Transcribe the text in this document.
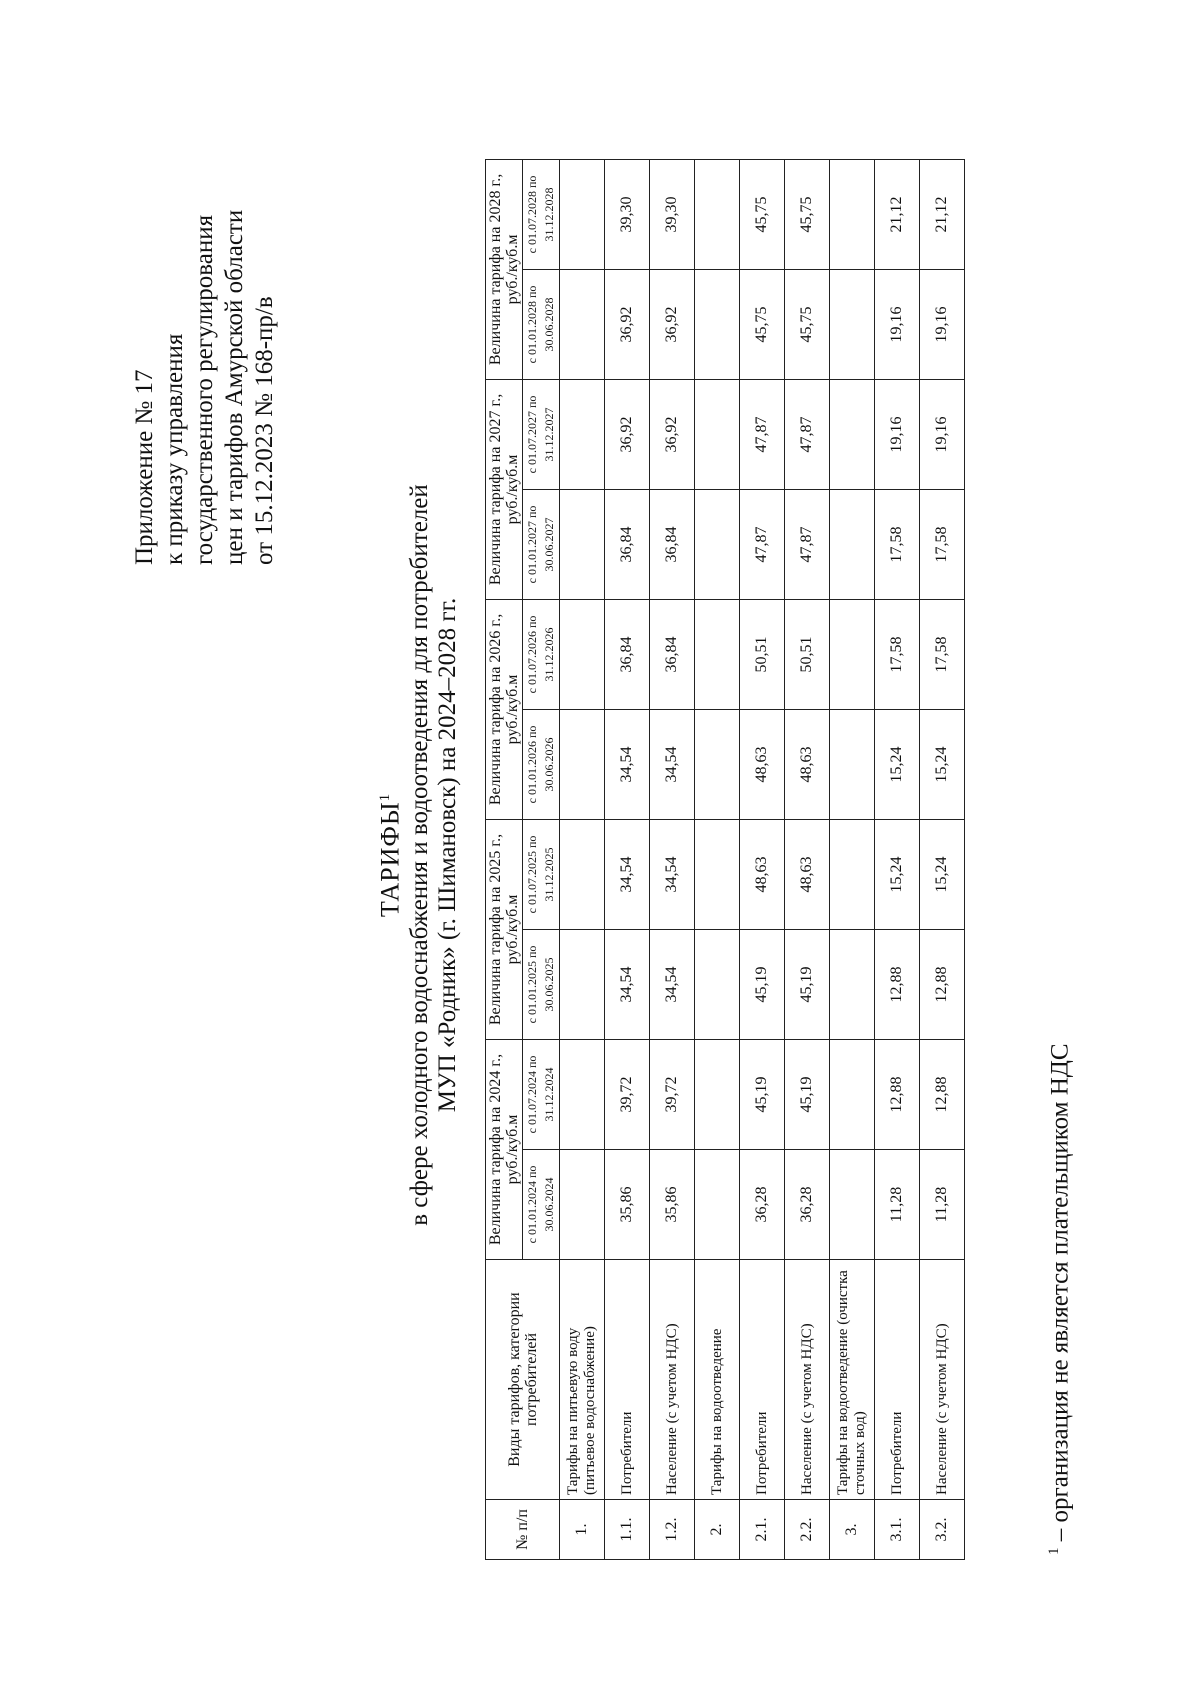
Приложение № 17 к приказу управления государственного регулирования цен и тарифов Амурской области от 15.12.2023 № 168-пр/в
ТАРИФЫ$^1$ в сфере холодного водоснабжения и водоотведения для потребителей МУП «Родник» (г. Шимановск) на 2024–2028 гг.
№ п/п	Виды тарифов, категории потребителей	Величина тарифа на 2024 г., руб./куб.м		Величина тарифа на 2025 г., руб./куб.м		Величина тарифа на 2026 г., руб./куб.м		Величина тарифа на 2027 г., руб./куб.м		Величина тарифа на 2028 г., руб./куб.м	
		с 01.01.2024 по 30.06.2024	с 01.07.2024 по 31.12.2024	с 01.01.2025 по 30.06.2025	с 01.07.2025 по 31.12.2025	с 01.01.2026 по 30.06.2026	с 01.07.2026 по 31.12.2026	с 01.01.2027 по 30.06.2027	с 01.07.2027 по 31.12.2027	с 01.01.2028 по 30.06.2028	с 01.07.2028 по 31.12.2028
1.	Тарифы на питьевую воду (питьевое водоснабжение)										
1.1.	Потребители	35,86	39,72	34,54	34,54	34,54	36,84	36,84	36,92	36,92	39,30
1.2.	Население (с учетом НДС)	35,86	39,72	34,54	34,54	34,54	36,84	36,84	36,92	36,92	39,30
2.	Тарифы на водоотведение										
2.1.	Потребители	36,28	45,19	45,19	48,63	48,63	50,51	47,87	47,87	45,75	45,75
2.2.	Население (с учетом НДС)	36,28	45,19	45,19	48,63	48,63	50,51	47,87	47,87	45,75	45,75
3.	Тарифы на водоотведение (очистка сточных вод)										
3.1.	Потребители	11,28	12,88	12,88	15,24	15,24	17,58	17,58	19,16	19,16	21,12
3.2.	Население (с учетом НДС)	11,28	12,88	12,88	15,24	15,24	17,58	17,58	19,16	19,16	21,12
$^1$ – организация не является плательщиком НДС
